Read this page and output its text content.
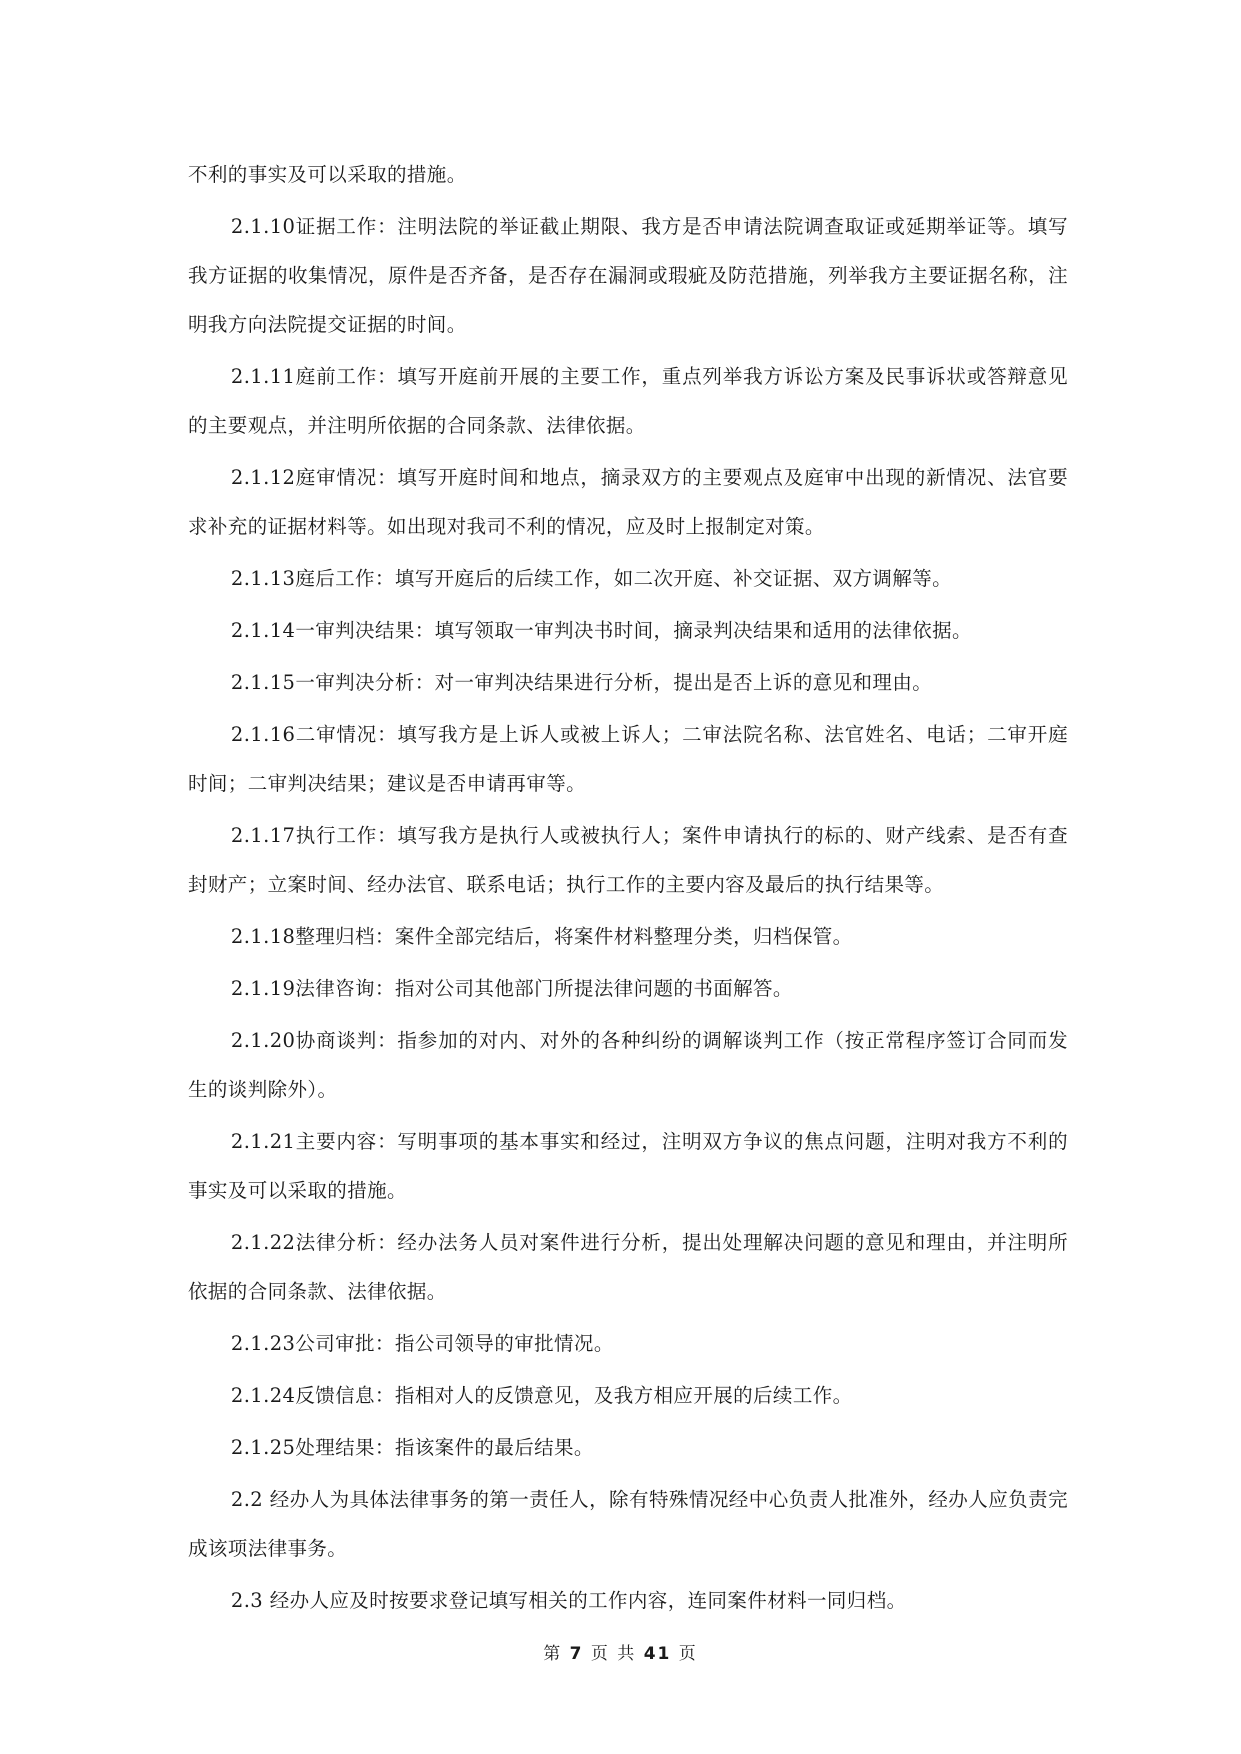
不利的事实及可以采取的措施。

2.1.10证据工作：注明法院的举证截止期限、我方是否申请法院调查取证或延期举证等。填写我方证据的收集情况，原件是否齐备，是否存在漏洞或瑕疵及防范措施，列举我方主要证据名称，注明我方向法院提交证据的时间。

2.1.11庭前工作：填写开庭前开展的主要工作，重点列举我方诉讼方案及民事诉状或答辩意见的主要观点，并注明所依据的合同条款、法律依据。

2.1.12庭审情况：填写开庭时间和地点，摘录双方的主要观点及庭审中出现的新情况、法官要求补充的证据材料等。如出现对我司不利的情况，应及时上报制定对策。

2.1.13庭后工作：填写开庭后的后续工作，如二次开庭、补交证据、双方调解等。

2.1.14一审判决结果：填写领取一审判决书时间，摘录判决结果和适用的法律依据。

2.1.15一审判决分析：对一审判决结果进行分析，提出是否上诉的意见和理由。

2.1.16二审情况：填写我方是上诉人或被上诉人；二审法院名称、法官姓名、电话；二审开庭时间；二审判决结果；建议是否申请再审等。

2.1.17执行工作：填写我方是执行人或被执行人；案件申请执行的标的、财产线索、是否有查封财产；立案时间、经办法官、联系电话；执行工作的主要内容及最后的执行结果等。

2.1.18整理归档：案件全部完结后，将案件材料整理分类，归档保管。

2.1.19法律咨询：指对公司其他部门所提法律问题的书面解答。

2.1.20协商谈判：指参加的对内、对外的各种纠纷的调解谈判工作（按正常程序签订合同而发生的谈判除外）。

2.1.21主要内容：写明事项的基本事实和经过，注明双方争议的焦点问题，注明对我方不利的事实及可以采取的措施。

2.1.22法律分析：经办法务人员对案件进行分析，提出处理解决问题的意见和理由，并注明所依据的合同条款、法律依据。

2.1.23公司审批：指公司领导的审批情况。

2.1.24反馈信息：指相对人的反馈意见，及我方相应开展的后续工作。

2.1.25处理结果：指该案件的最后结果。

2.2 经办人为具体法律事务的第一责任人，除有特殊情况经中心负责人批准外，经办人应负责完成该项法律事务。

2.3 经办人应及时按要求登记填写相关的工作内容，连同案件材料一同归档。

第 7 页 共 41 页
